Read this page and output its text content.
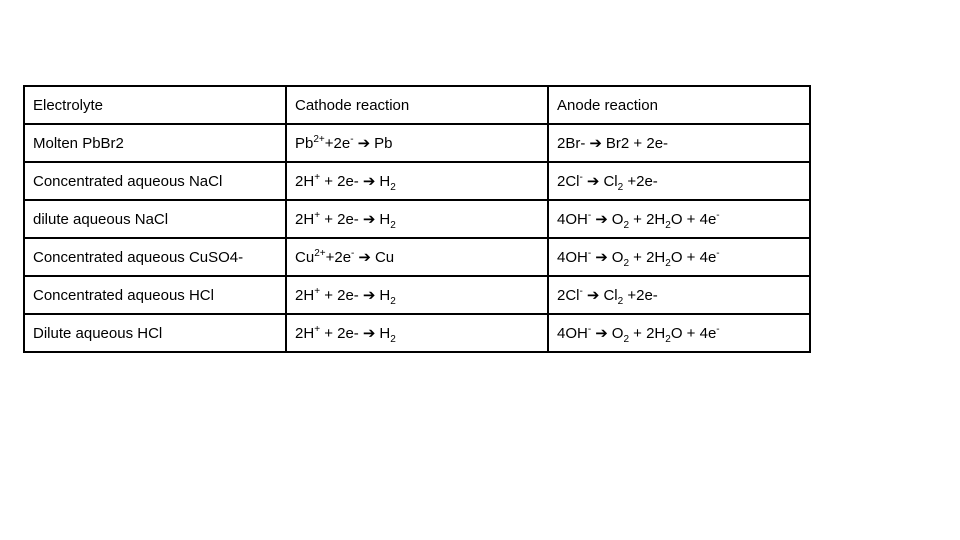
Electrolyte	Cathode reaction	Anode reaction
Molten PbBr2	$Pb^{2+}+2e^-$ ➔ Pb	2Br- ➔ Br2 + 2e-
Concentrated aqueous NaCl	2H+ + 2e- ➔ $H_2$	2Cl- ➔ $Cl_2 +2e-$
dilute aqueous NaCl	2H+ + 2e- ➔ $H_2$	4OH- ➔ $O_2 + 2H_2O + 4e^-$
Concentrated aqueous CuSO4-	$Cu^{2+}+2e^-$ ➔ Cu	4OH- ➔ $O_2 + 2H_2O + 4e^-$
Concentrated aqueous HCl	2H+ + 2e- ➔ $H_2$	2Cl- ➔ $Cl_2 +2e-$
Dilute aqueous HCl	2H+ + 2e- ➔ $H_2$	4OH- ➔ $O_2 + 2H_2O + 4e^-$
